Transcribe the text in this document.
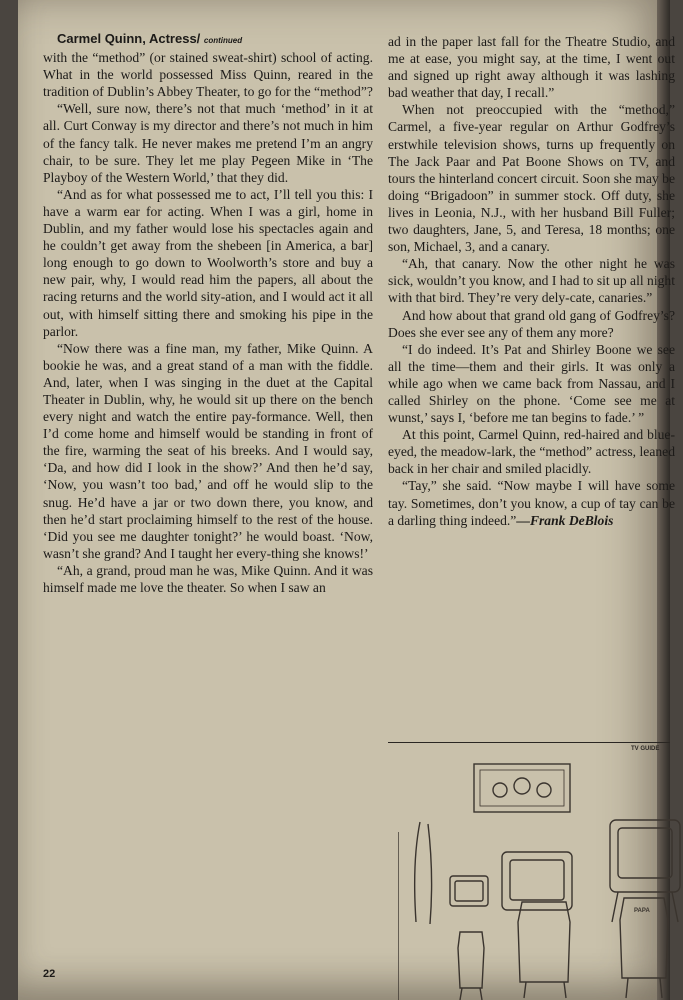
Carmel Quinn, Actress/ continued

with the “method” (or stained sweat-shirt) school of acting. What in the world possessed Miss Quinn, reared in the tradition of Dublin’s Abbey Theater, to go for the “method”?

“Well, sure now, there’s not that much ‘method’ in it at all. Curt Conway is my director and there’s not much in him of the fancy talk. He never makes me pretend I’m an angry chair, to be sure. They let me play Pegeen Mike in ‘The Playboy of the Western World,’ that they did.

“And as for what possessed me to act, I’ll tell you this: I have a warm ear for acting. When I was a girl, home in Dublin, and my father would lose his spectacles again and he couldn’t get away from the shebeen [in America, a bar] long enough to go down to Woolworth’s store and buy a new pair, why, I would read him the papers, all about the racing returns and the world sity-ation, and I would act it all out, with himself sitting there and smoking his pipe in the parlor.

“Now there was a fine man, my father, Mike Quinn. A bookie he was, and a great stand of a man with the fiddle. And, later, when I was singing in the duet at the Capital Theater in Dublin, why, he would sit up there on the bench every night and watch the entire pay-formance. Well, then I’d come home and himself would be standing in front of the fire, warming the seat of his breeks. And I would say, ‘Da, and how did I look in the show?’ And then he’d say, ‘Now, you wasn’t too bad,’ and off he would slip to the snug. He’d have a jar or two down there, you know, and then he’d start proclaiming himself to the rest of the house. ‘Did you see me daughter tonight?’ he would boast. ‘Now, wasn’t she grand? And I taught her every-thing she knows!’

“Ah, a grand, proud man he was, Mike Quinn. And it was himself made me love the theater. So when I saw an

ad in the paper last fall for the Theatre Studio, and me at ease, you might say, at the time, I went out and signed up right away although it was lashing bad weather that day, I recall.”

When not preoccupied with the “method,” Carmel, a five-year regular on Arthur Godfrey’s erstwhile television shows, turns up frequently on The Jack Paar and Pat Boone Shows on TV, and tours the hinterland concert circuit. Soon she may be doing “Brigadoon” in summer stock. Off duty, she lives in Leonia, N.J., with her husband Bill Fuller; two daughters, Jane, 5, and Teresa, 18 months; one son, Michael, 3, and a canary.

“Ah, that canary. Now the other night he was sick, wouldn’t you know, and I had to sit up all night with that bird. They’re very dely-cate, canaries.”

And how about that grand old gang of Godfrey’s? Does she ever see any of them any more?

“I do indeed. It’s Pat and Shirley Boone we see all the time—them and their girls. It was only a while ago when we came back from Nassau, and I called Shirley on the phone. ‘Come see me at wunst,’ says I, ‘before me tan begins to fade.’ ”

At this point, Carmel Quinn, red-haired and blue-eyed, the meadow-lark, the “method” actress, leaned back in her chair and smiled placidly.

“Tay,” she said. “Now maybe I will have some tay. Sometimes, don’t you know, a cup of tay can be a darling thing indeed.”—Frank DeBlois

TV GUIDE
PAPA
22
